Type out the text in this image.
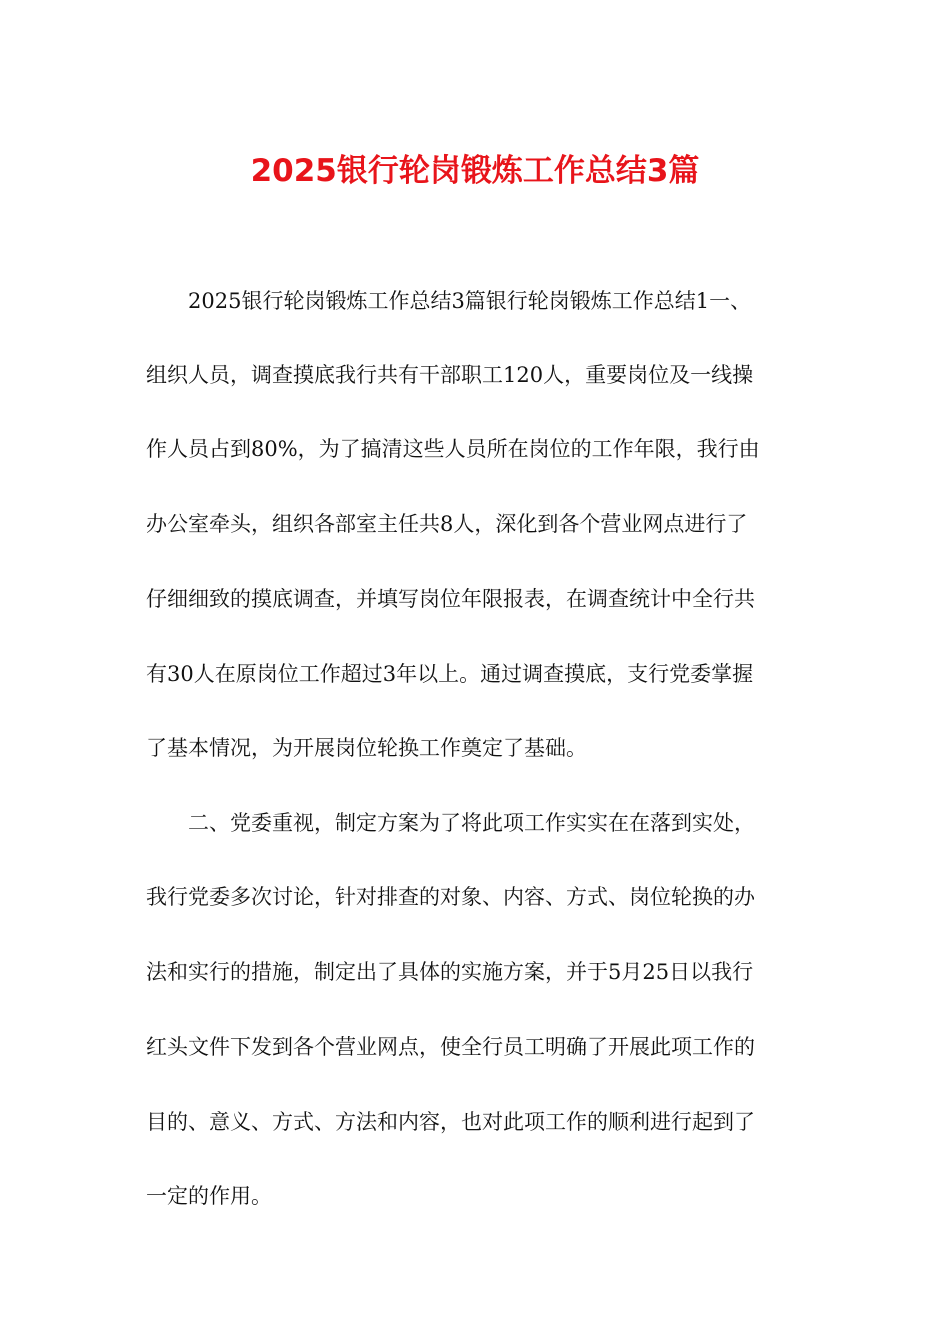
2025银行轮岗锻炼工作总结3篇

2025银行轮岗锻炼工作总结3篇银行轮岗锻炼工作总结1一、

组织人员，调查摸底我行共有干部职工120人，重要岗位及一线操

作人员占到80%，为了搞清这些人员所在岗位的工作年限，我行由

办公室牵头，组织各部室主任共8人，深化到各个营业网点进行了

仔细细致的摸底调查，并填写岗位年限报表，在调查统计中全行共

有30人在原岗位工作超过3年以上。通过调查摸底，支行党委掌握

了基本情况，为开展岗位轮换工作奠定了基础。

二、党委重视，制定方案为了将此项工作实实在在落到实处，

我行党委多次讨论，针对排查的对象、内容、方式、岗位轮换的办

法和实行的措施，制定出了具体的实施方案，并于5月25日以我行

红头文件下发到各个营业网点，使全行员工明确了开展此项工作的

目的、意义、方式、方法和内容，也对此项工作的顺利进行起到了

一定的作用。
